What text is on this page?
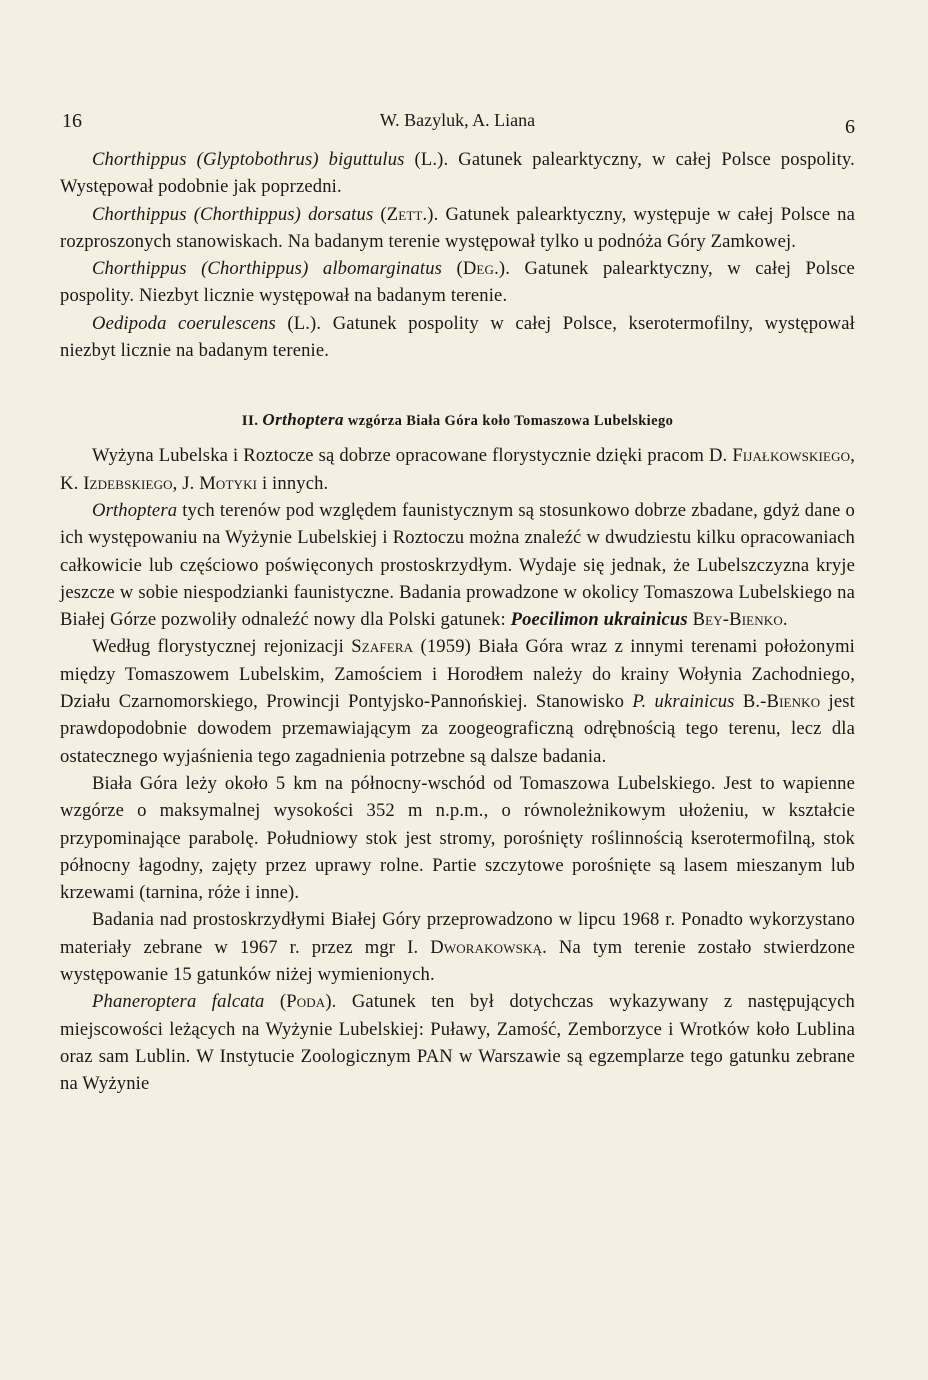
16	W. Bazyluk, A. Liana	6

Chorthippus (Glyptobothrus) biguttulus (L.). Gatunek palearktyczny, w całej Polsce pospolity. Występował podobnie jak poprzedni.

Chorthippus (Chorthippus) dorsatus (Zett.). Gatunek palearktyczny, występuje w całej Polsce na rozproszonych stanowiskach. Na badanym terenie występował tylko u podnóża Góry Zamkowej.

Chorthippus (Chorthippus) albomarginatus (Deg.). Gatunek palearktyczny, w całej Polsce pospolity. Niezbyt licznie występował na badanym terenie.

Oedipoda coerulescens (L.). Gatunek pospolity w całej Polsce, kserotermofilny, występował niezbyt licznie na badanym terenie.

II. Orthoptera wzgórza Biała Góra koło Tomaszowa Lubelskiego

Wyżyna Lubelska i Roztocze są dobrze opracowane florystycznie dzięki pracom D. Fijałkowskiego, K. Izdebskiego, J. Motyki i innych.

Orthoptera tych terenów pod względem faunistycznym są stosunkowo dobrze zbadane, gdyż dane o ich występowaniu na Wyżynie Lubelskiej i Roztoczu można znaleźć w dwudziestu kilku opracowaniach całkowicie lub częściowo poświęconych prostoskrzydłym. Wydaje się jednak, że Lubelszczyzna kryje jeszcze w sobie niespodzianki faunistyczne. Badania prowadzone w okolicy Tomaszowa Lubelskiego na Białej Górze pozwoliły odnaleźć nowy dla Polski gatunek: Poecilimon ukrainicus Bey-Bienko.

Według florystycznej rejonizacji Szafera (1959) Biała Góra wraz z innymi terenami położonymi między Tomaszowem Lubelskim, Zamościem i Horodłem należy do krainy Wołynia Zachodniego, Działu Czarnomorskiego, Prowincji Pontyjsko-Pannońskiej. Stanowisko P. ukrainicus B.-Bienko jest prawdopodobnie dowodem przemawiającym za zoogeograficzną odrębnością tego terenu, lecz dla ostatecznego wyjaśnienia tego zagadnienia potrzebne są dalsze badania.

Biała Góra leży około 5 km na północny-wschód od Tomaszowa Lubelskiego. Jest to wapienne wzgórze o maksymalnej wysokości 352 m n.p.m., o równoleżnikowym ułożeniu, w kształcie przypominające parabolę. Południowy stok jest stromy, porośnięty roślinnością kserotermofilną, stok północny łagodny, zajęty przez uprawy rolne. Partie szczytowe porośnięte są lasem mieszanym lub krzewami (tarnina, róże i inne).

Badania nad prostoskrzydłymi Białej Góry przeprowadzono w lipcu 1968 r. Ponadto wykorzystano materiały zebrane w 1967 r. przez mgr I. Dworakowską. Na tym terenie zostało stwierdzone występowanie 15 gatunków niżej wymienionych.

Phaneroptera falcata (Poda). Gatunek ten był dotychczas wykazywany z następujących miejscowości leżących na Wyżynie Lubelskiej: Puławy, Zamość, Zemborzyce i Wrotków koło Lublina oraz sam Lublin. W Instytucie Zoologicznym PAN w Warszawie są egzemplarze tego gatunku zebrane na Wyżynie
